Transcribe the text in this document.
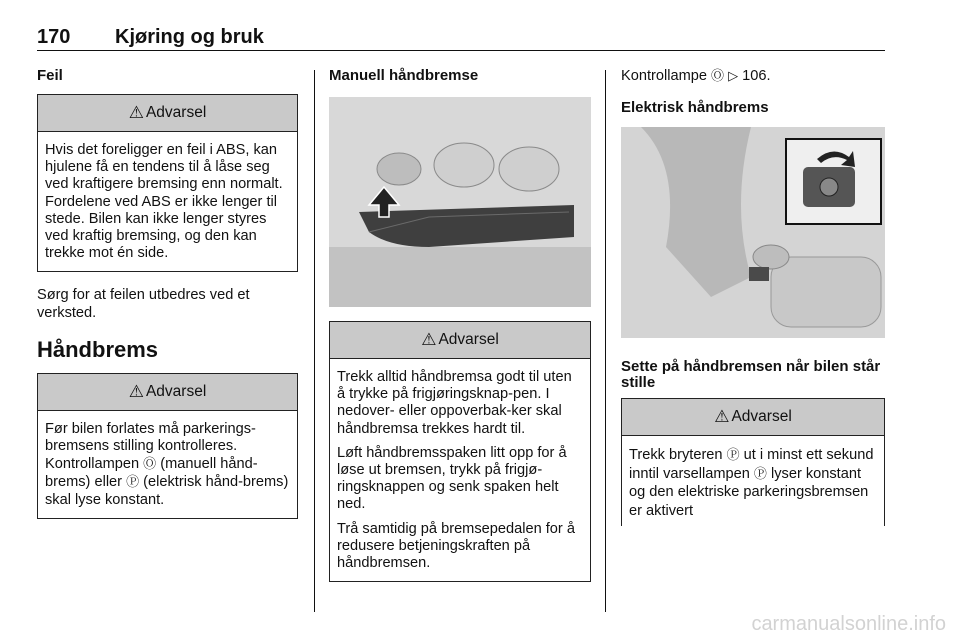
170 Kjøring og bruk
Feil
⚠ Advarsel

Hvis det foreligger en feil i ABS, kan hjulene få en tendens til å låse seg ved kraftigere bremsing enn normalt. Fordelene ved ABS er ikke lenger til stede. Bilen kan ikke lenger styres ved kraftig bremsing, og den kan trekke mot én side.

Sørg for at feilen utbedres ved et verksted.

Håndbrems
⚠ Advarsel

Før bilen forlates må parkerings-bremsens stilling kontrolleres. Kontrollampen Ⓞ (manuell hånd-brems) eller Ⓟ (elektrisk hånd-brems) skal lyse konstant.

Manuell håndbremse
⚠ Advarsel

Trekk alltid håndbremsa godt til uten å trykke på frigjøringsknap-pen. I nedover- eller oppoverbak-ker skal håndbremsa trekkes hardt til.

Løft håndbremsspaken litt opp for å løse ut bremsen, trykk på frigjø-ringsknappen og senk spaken helt ned.

Trå samtidig på bremsepedalen for å redusere betjeningskraften på håndbremsen.

Kontrollampe Ⓞ ▷ 106.

Elektrisk håndbrems
Sette på håndbremsen når bilen står stille
⚠ Advarsel

Trekk bryteren Ⓟ ut i minst ett sekund inntil varsellampen Ⓟ lyser konstant og den elektriske parkeringsbremsen er aktivert

carmanualsonline.info
